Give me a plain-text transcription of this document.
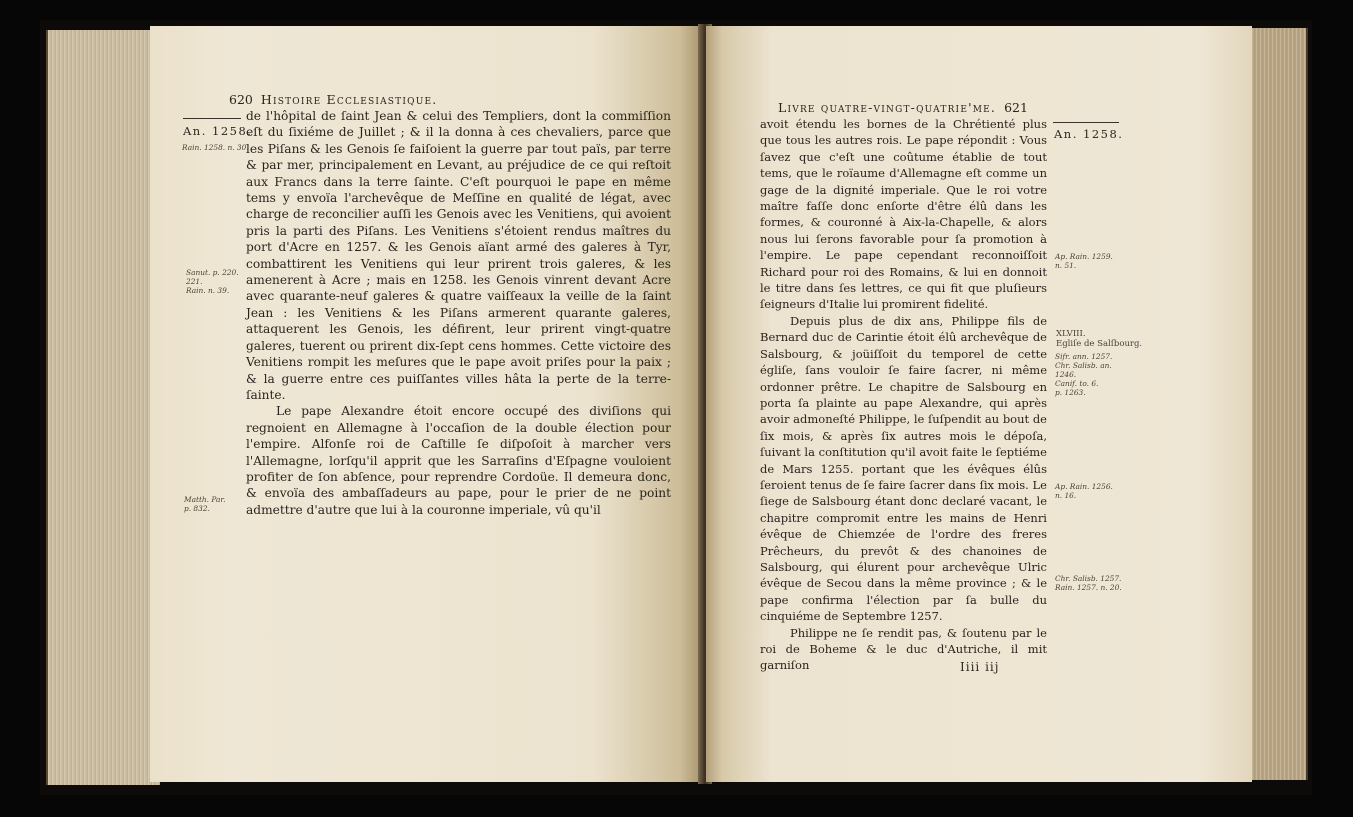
620 Histoire Ecclesiastique.
An. 1258.
Rain. 1258. n. 30.
Sanut. p. 220.
221.
Rain. n. 39.
Matth. Par.
p. 832.

de l'hôpital de ſaint Jean & celui des Templiers, dont la commiſſion eſt du ſixiéme de Juillet ; & il la donna à ces chevaliers, parce que les Piſans & les Genois ſe faiſoient la guerre par tout païs, par terre & par mer, principalement en Levant, au préjudice de ce qui reſtoit aux Francs dans la terre ſainte. C'eſt pourquoi le pape en même tems y envoïa l'archevêque de Meſſine en qualité de légat, avec charge de reconcilier auſſi les Genois avec les Venitiens, qui avoient pris la parti des Piſans. Les Venitiens s'étoient rendus maîtres du port d'Acre en 1257. & les Genois aïant armé des galeres à Tyr, combattirent les Venitiens qui leur prirent trois galeres, & les amenerent à Acre ; mais en 1258. les Genois vinrent devant Acre avec quarante-neuf galeres & quatre vaiſſeaux la veille de la ſaint Jean : les Venitiens & les Piſans armerent quarante galeres, attaquerent les Genois, les défirent, leur prirent vingt-quatre galeres, tuerent ou prirent dix-ſept cens hommes. Cette victoire des Venitiens rompit les meſures que le pape avoit priſes pour la paix ; & la guerre entre ces puiſſantes villes hâta la perte de la terre-ſainte.

Le pape Alexandre étoit encore occupé des diviſions qui regnoient en Allemagne à l'occaſion de la double élection pour l'empire. Alfonſe roi de Caſtille ſe diſpoſoit à marcher vers l'Allemagne, lorſqu'il apprit que les Sarraſins d'Eſpagne vouloient profiter de ſon abſence, pour reprendre Cordoüe. Il demeura donc, & envoïa des ambaſſadeurs au pape, pour le prier de ne point admettre d'autre que lui à la couronne imperiale, vû qu'il

Livre quatre-vingt-quatrie'me. 621
An. 1258.
Ap. Rain. 1259.
n. 51.
XLVIII.
Egliſe de Salſbourg.
Sifr. ann. 1257.
Chr. Salisb. an.
1246.
Canif. to. 6.
p. 1263.
Ap. Rain. 1256.
n. 16.
Chr. Salisb. 1257.
Rain. 1257. n. 20.

avoit étendu les bornes de la Chrétienté plus que tous les autres rois. Le pape répondit : Vous ſavez que c'eſt une coûtume établie de tout tems, que le roïaume d'Allemagne eſt comme un gage de la dignité imperiale. Que le roi votre maître faſſe donc enſorte d'être élû dans les formes, & couronné à Aix-la-Chapelle, & alors nous lui ſerons favorable pour ſa promotion à l'empire. Le pape cependant reconnoiſſoit Richard pour roi des Romains, & lui en donnoit le titre dans ſes lettres, ce qui fit que pluſieurs ſeigneurs d'Italie lui promirent fidelité.

Depuis plus de dix ans, Philippe fils de Bernard duc de Carintie étoit élû archevêque de Salsbourg, & joüiſſoit du temporel de cette égliſe, ſans vouloir ſe faire ſacrer, ni même ordonner prêtre. Le chapitre de Salsbourg en porta ſa plainte au pape Alexandre, qui après avoir admoneſté Philippe, le ſuſpendit au bout de ſix mois, & après ſix autres mois le dépoſa, ſuivant la conſtitution qu'il avoit faite le ſeptiéme de Mars 1255. portant que les évêques élûs ſeroient tenus de ſe faire ſacrer dans ſix mois. Le ſiege de Salsbourg étant donc declaré vacant, le chapitre compromit entre les mains de Henri évêque de Chiemzée de l'ordre des freres Prêcheurs, du prevôt & des chanoines de Salsbourg, qui élurent pour archevêque Ulric évêque de Secou dans la même province ; & le pape confirma l'élection par ſa bulle du cinquiéme de Septembre 1257.

Philippe ne ſe rendit pas, & ſoutenu par le roi de Boheme & le duc d'Autriche, il mit garniſon	Iiii iij
